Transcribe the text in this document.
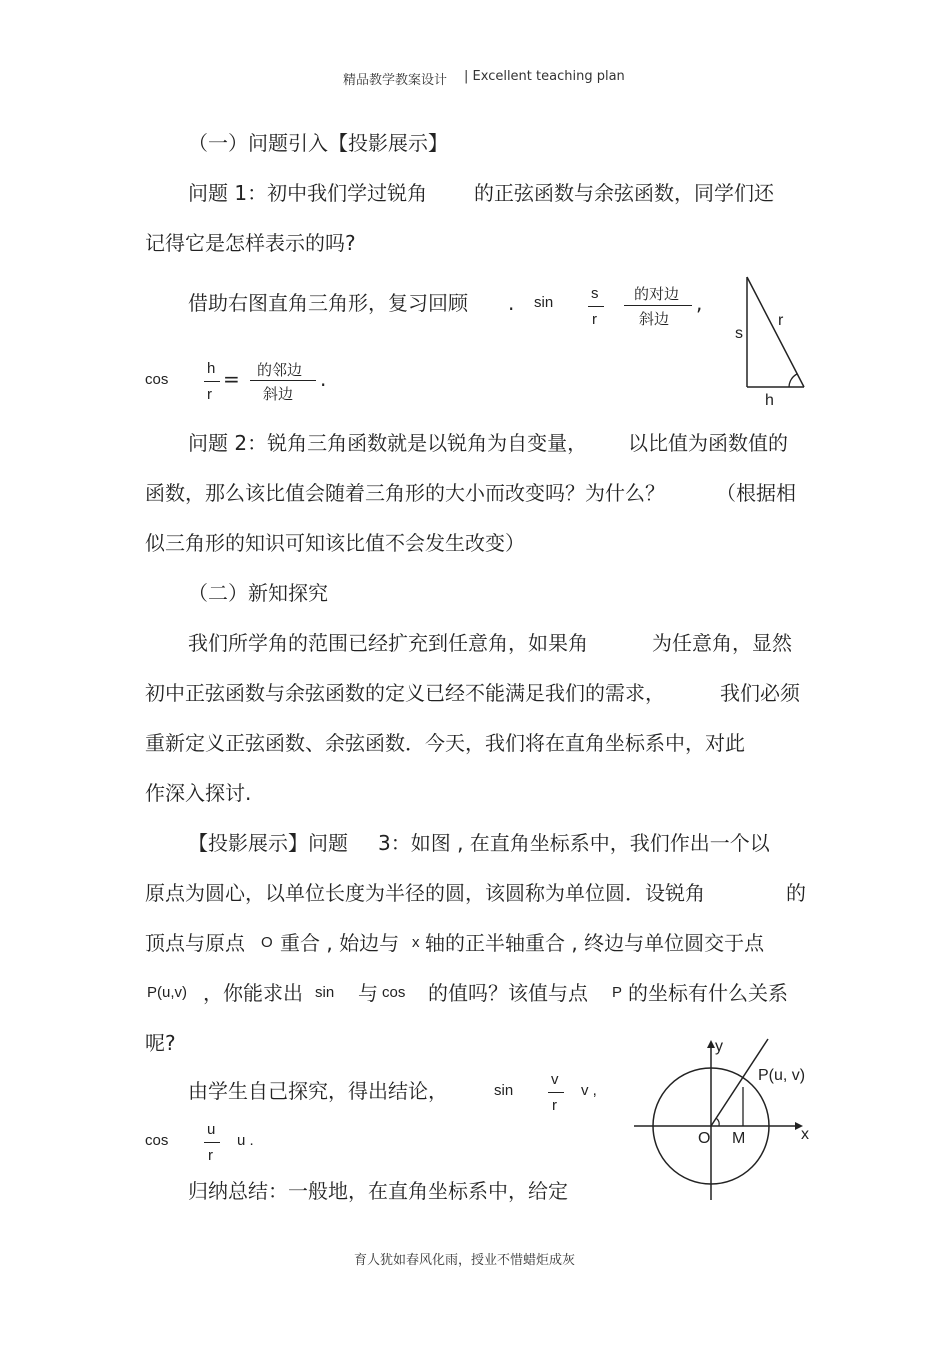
精品教学教案设计 | Excellent teaching plan
（一）问题引入【投影展示】
问题 1：初中我们学过锐角 的正弦函数与余弦函数，同学们还
记得它是怎样表示的吗?
借助右图直角三角形，复习回顾 . sin
s
r
的对边
斜边
,
cos
h
r
= 的邻边
斜边
.
s
r
h
问题 2：锐角三角函数就是以锐角为自变量， 以比值为函数值的
函数，那么该比值会随着三角形的大小而改变吗？为什么？	（根据相
似三角形的知识可知该比值不会发生改变）
（二）新知探究
我们所学角的范围已经扩充到任意角，如果角	为任意角，显然
初中正弦函数与余弦函数的定义已经不能满足我们的需求，	我们必须
重新定义正弦函数、余弦函数．今天，我们将在直角坐标系中，对此
作深入探讨.
【投影展示】问题 3：如图 , 在直角坐标系中，我们作出一个以
原点为圆心，以单位长度为半径的圆，该圆称为单位圆．设锐角	的
顶点与原点 O 重合 , 始边与 x 轴的正半轴重合 , 终边与单位圆交于点
P(u,v) ，你能求出 sin 与 cos 的值吗？该值与点 P 的坐标有什么关系
呢?
由学生自己探究，得出结论，	sin
v
r
v ,
cos
u
r
u .
归纳总结：一般地，在直角坐标系中，给定
y
x
P(u, v)
O M
育人犹如春风化雨，授业不惜蜡炬成灰
